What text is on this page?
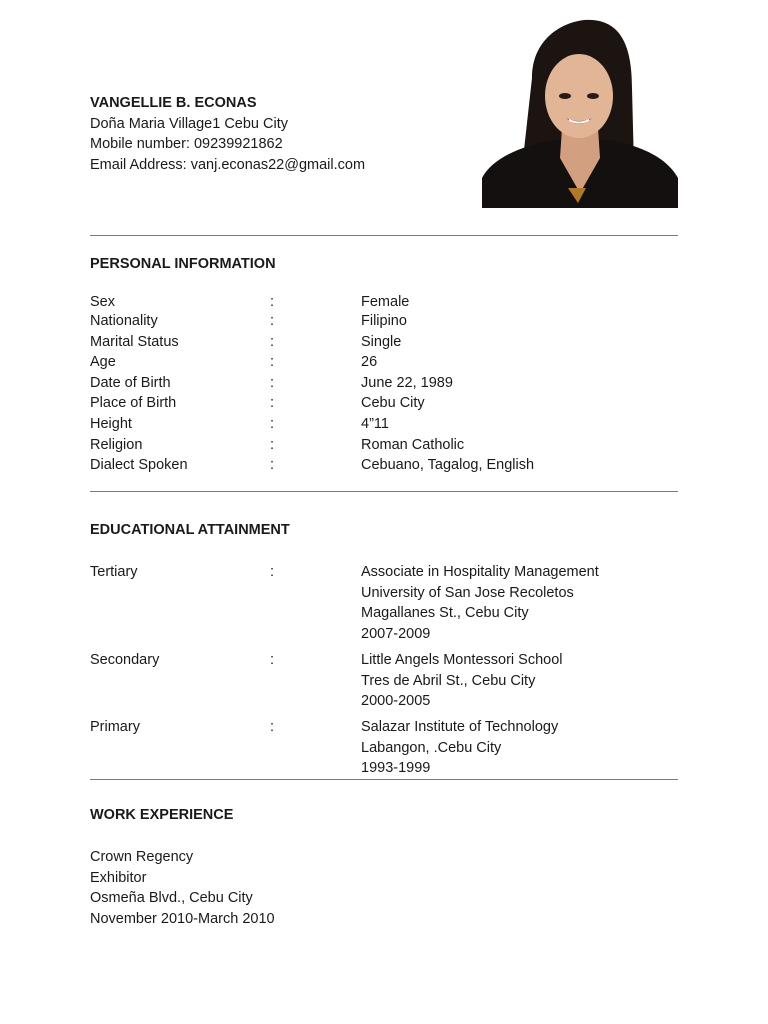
VANGELLIE B. ECONAS
Doña Maria Village1 Cebu City
Mobile number: 09239921862
Email Address: vanj.econas22@gmail.com
PERSONAL INFORMATION
Sex	:	Female
Nationality	:	Filipino
Marital Status	:	Single
Age	:	26
Date of Birth	:	June 22, 1989
Place of Birth	:	Cebu City
Height	:	4”11
Religion	:	Roman Catholic
Dialect Spoken	:	Cebuano, Tagalog, English
EDUCATIONAL ATTAINMENT
Tertiary	:	Associate in Hospitality Management
University of San Jose Recoletos
Magallanes St., Cebu City
2007-2009
Secondary	:	Little Angels Montessori School
Tres de Abril St., Cebu City
2000-2005
Primary	:	Salazar Institute of Technology
Labangon, .Cebu City
1993-1999
WORK EXPERIENCE
Crown Regency
Exhibitor
Osmeña Blvd., Cebu City
November 2010-March 2010
